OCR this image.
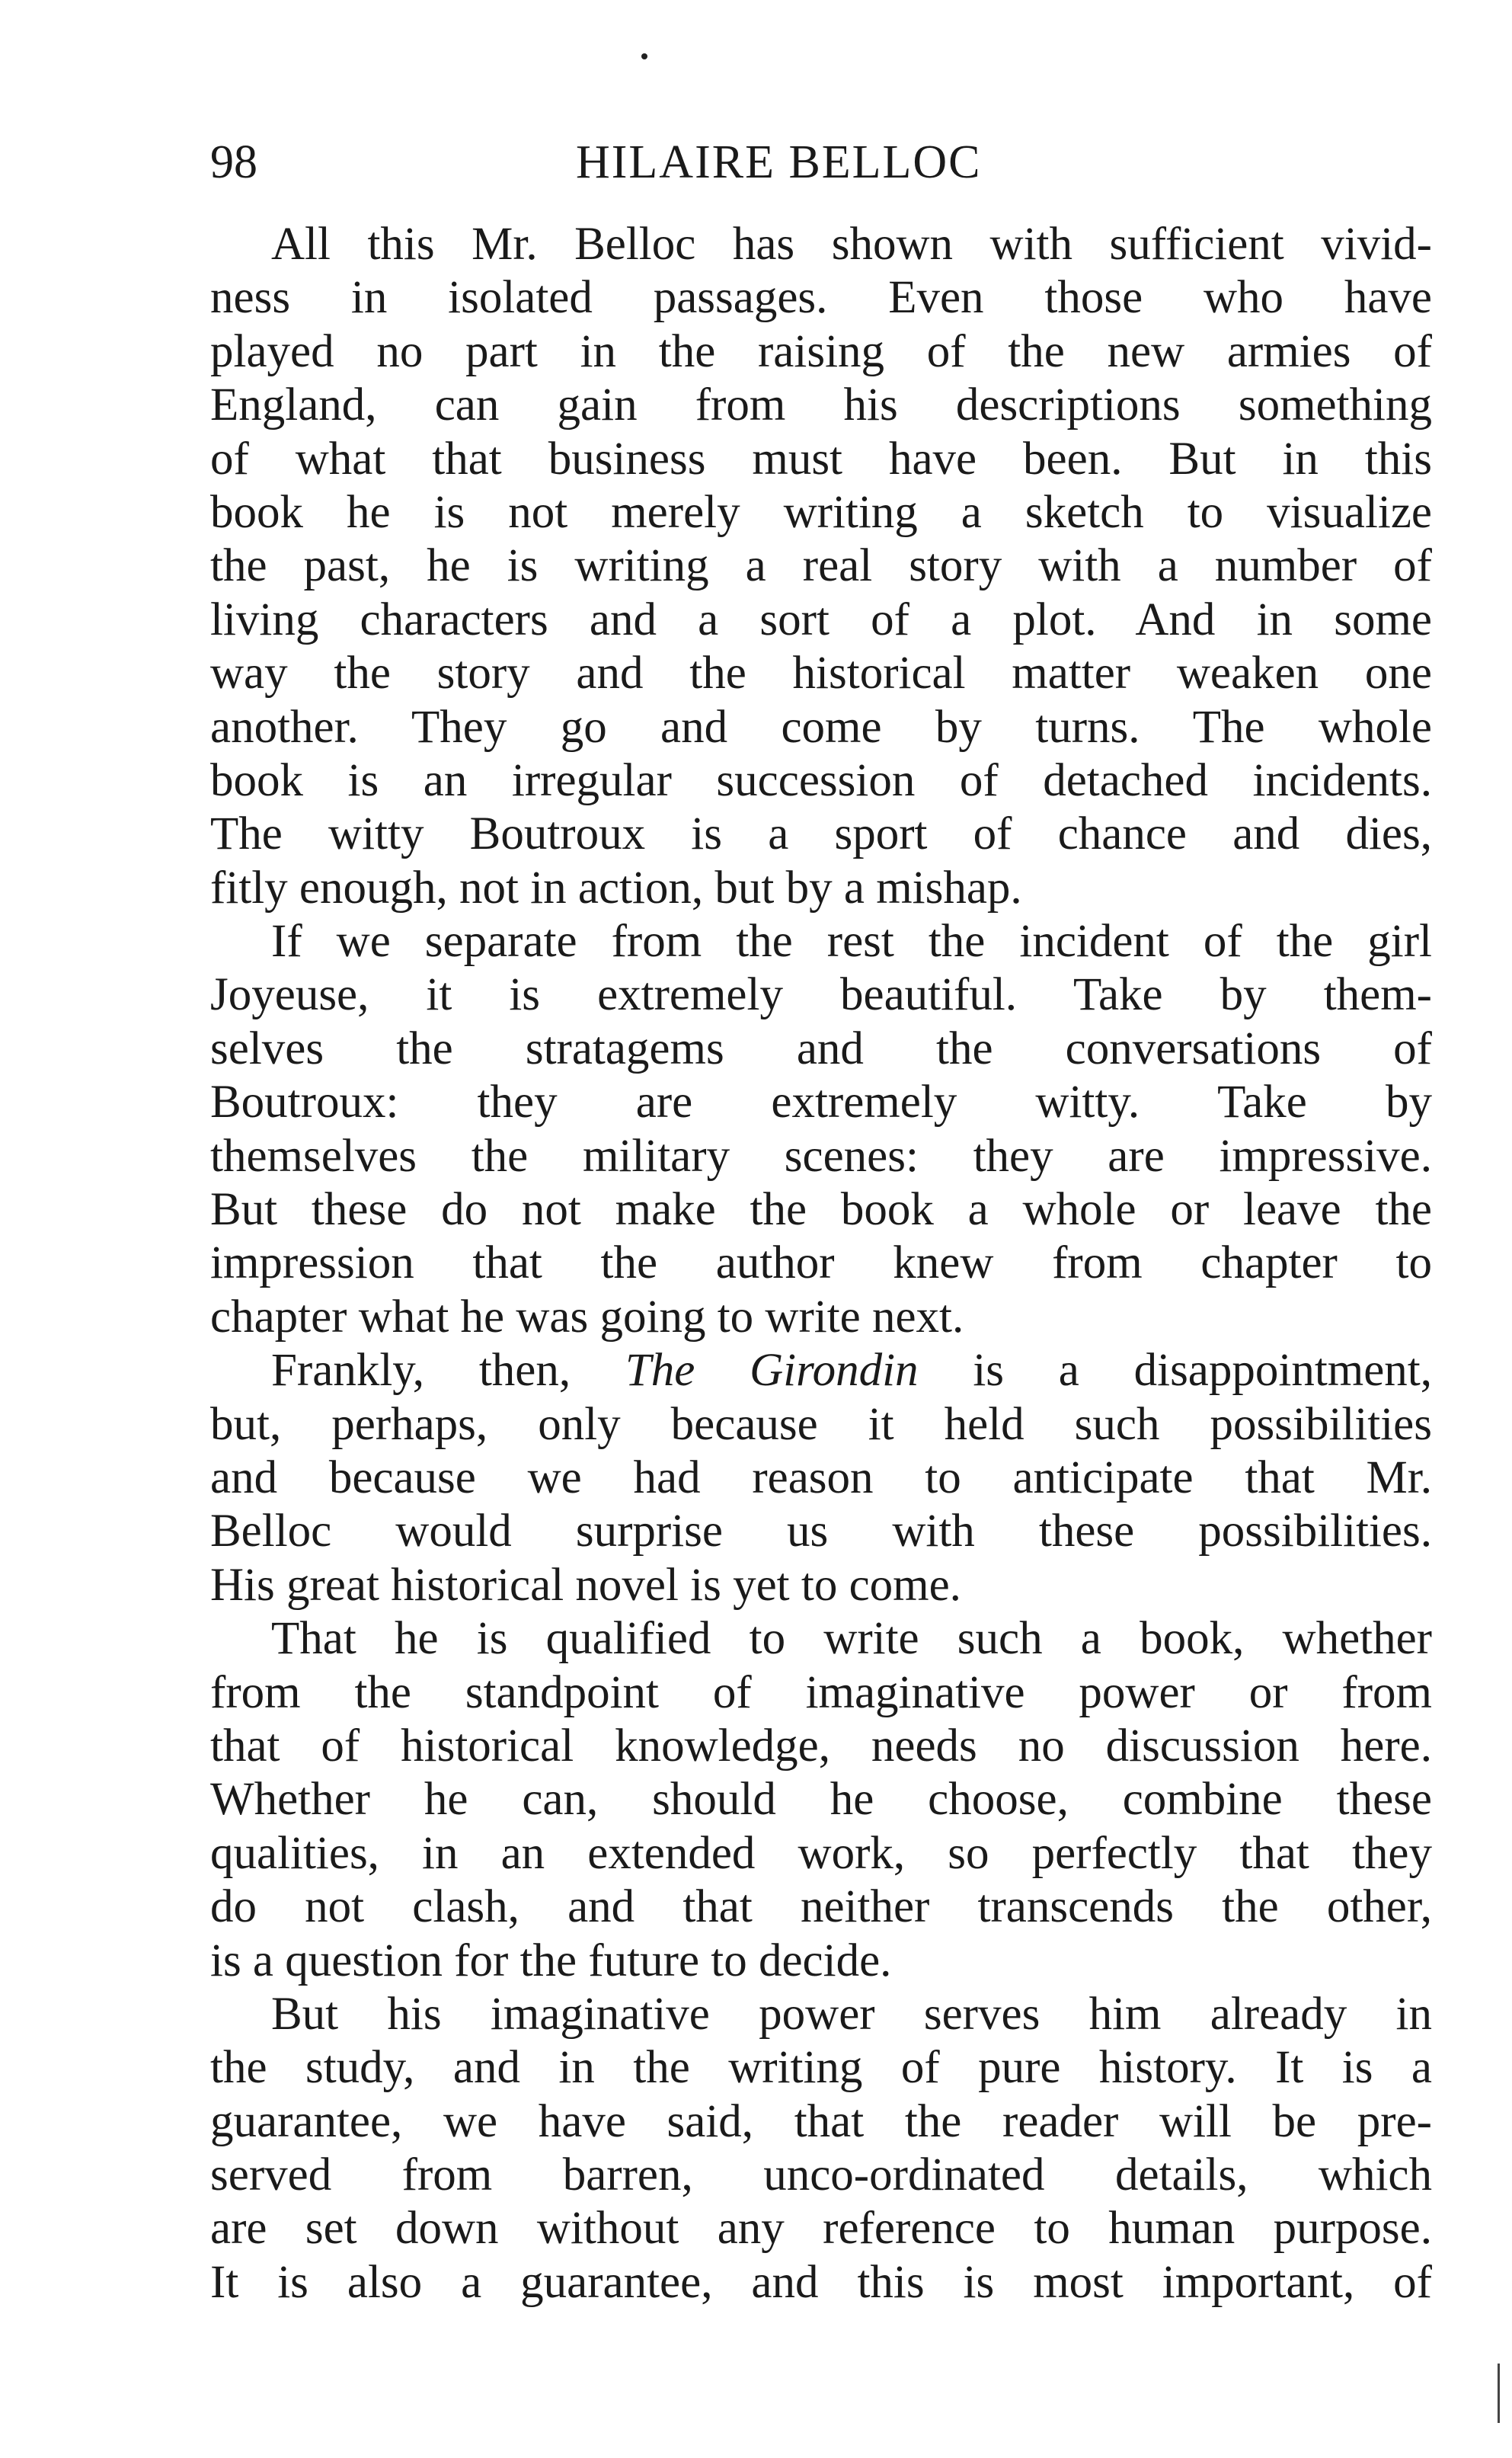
98	HILAIRE BELLOC
All this Mr. Belloc has shown with sufficient vivid-
ness in isolated passages. Even those who have
played no part in the raising of the new armies of
England, can gain from his descriptions something
of what that business must have been. But in this
book he is not merely writing a sketch to visualize
the past, he is writing a real story with a number of
living characters and a sort of a plot. And in some
way the story and the historical matter weaken one
another. They go and come by turns. The whole
book is an irregular succession of detached incidents.
The witty Boutroux is a sport of chance and dies,
fitly enough, not in action, but by a mishap.
If we separate from the rest the incident of the girl
Joyeuse, it is extremely beautiful. Take by them-
selves the stratagems and the conversations of
Boutroux: they are extremely witty. Take by
themselves the military scenes: they are impressive.
But these do not make the book a whole or leave the
impression that the author knew from chapter to
chapter what he was going to write next.
Frankly, then, The Girondin is a disappointment,
but, perhaps, only because it held such possibilities
and because we had reason to anticipate that Mr.
Belloc would surprise us with these possibilities.
His great historical novel is yet to come.
That he is qualified to write such a book, whether
from the standpoint of imaginative power or from
that of historical knowledge, needs no discussion here.
Whether he can, should he choose, combine these
qualities, in an extended work, so perfectly that they
do not clash, and that neither transcends the other,
is a question for the future to decide.
But his imaginative power serves him already in
the study, and in the writing of pure history. It is a
guarantee, we have said, that the reader will be pre-
served from barren, unco-ordinated details, which
are set down without any reference to human purpose.
It is also a guarantee, and this is most important, of
